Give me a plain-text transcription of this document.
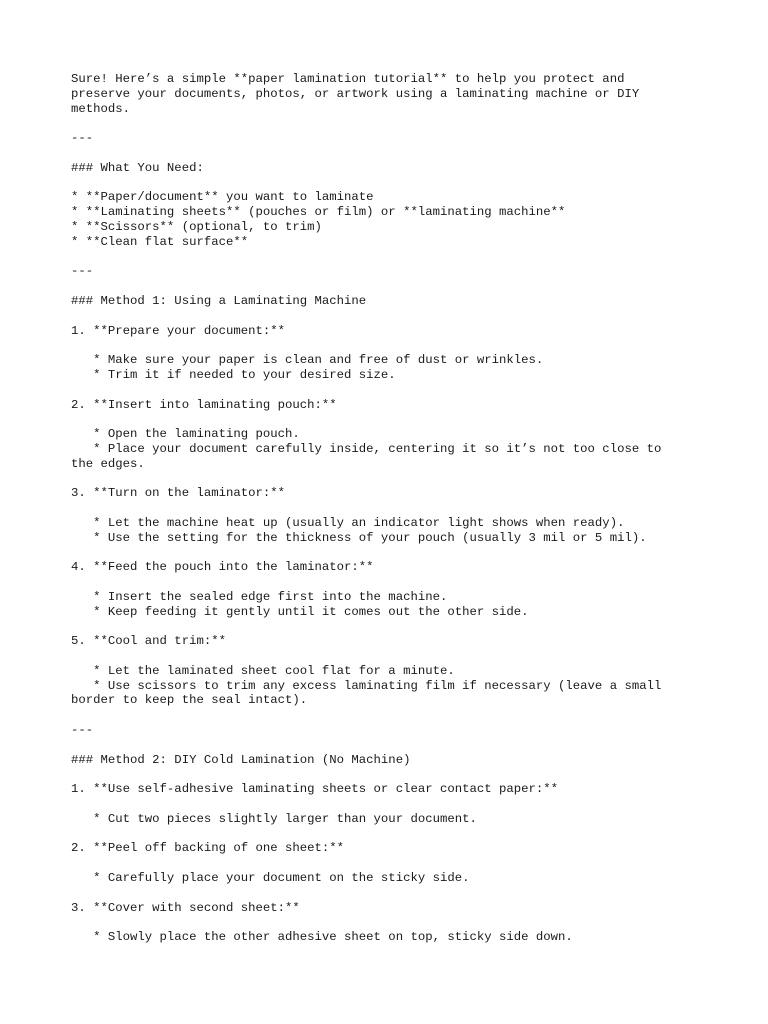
Sure! Here’s a simple **paper lamination tutorial** to help you protect and
preserve your documents, photos, or artwork using a laminating machine or DIY
methods.
---
### What You Need:
* **Paper/document** you want to laminate
* **Laminating sheets** (pouches or film) or **laminating machine**
* **Scissors** (optional, to trim)
* **Clean flat surface**
---
### Method 1: Using a Laminating Machine
1. **Prepare your document:**
* Make sure your paper is clean and free of dust or wrinkles.
* Trim it if needed to your desired size.
2. **Insert into laminating pouch:**
* Open the laminating pouch.
* Place your document carefully inside, centering it so it’s not too close to
the edges.
3. **Turn on the laminator:**
* Let the machine heat up (usually an indicator light shows when ready).
* Use the setting for the thickness of your pouch (usually 3 mil or 5 mil).
4. **Feed the pouch into the laminator:**
* Insert the sealed edge first into the machine.
* Keep feeding it gently until it comes out the other side.
5. **Cool and trim:**
* Let the laminated sheet cool flat for a minute.
* Use scissors to trim any excess laminating film if necessary (leave a small
border to keep the seal intact).
---
### Method 2: DIY Cold Lamination (No Machine)
1. **Use self-adhesive laminating sheets or clear contact paper:**
* Cut two pieces slightly larger than your document.
2. **Peel off backing of one sheet:**
* Carefully place your document on the sticky side.
3. **Cover with second sheet:**
* Slowly place the other adhesive sheet on top, sticky side down.
